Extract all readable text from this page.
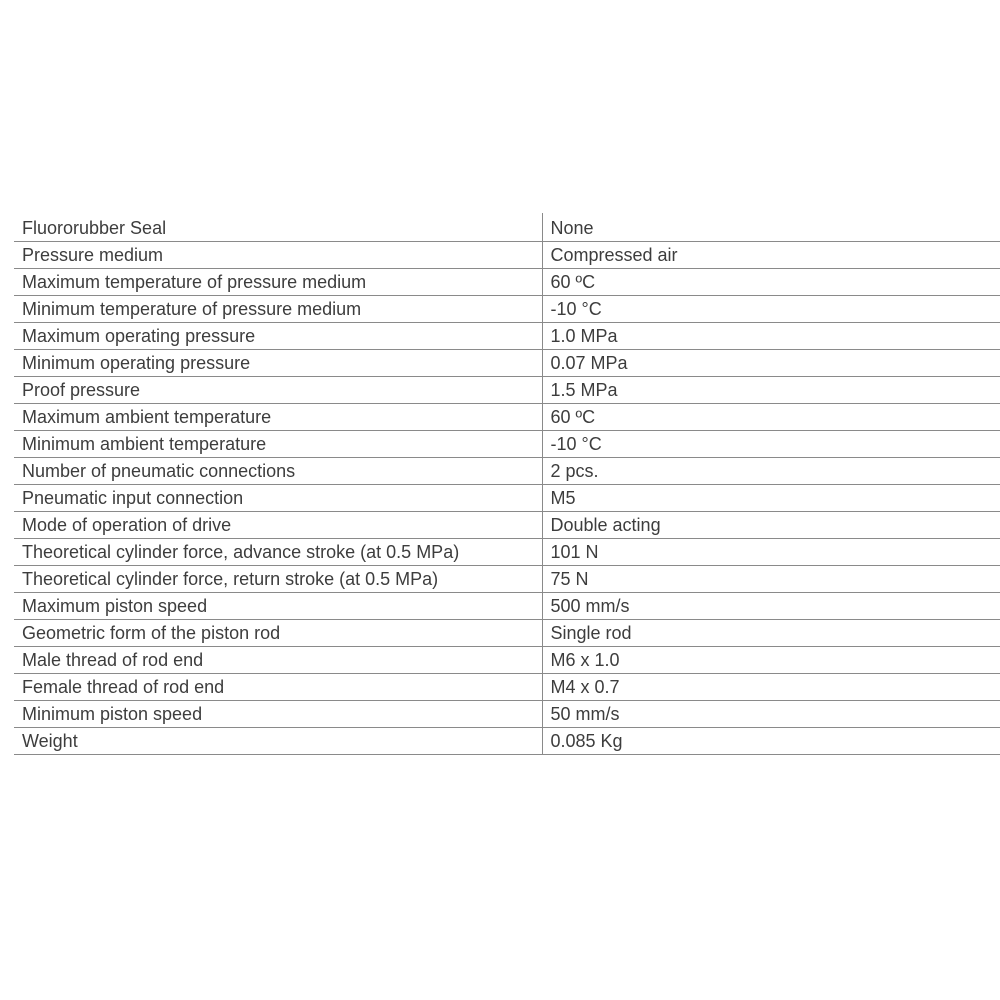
Fluororubber Seal	None
Pressure medium	Compressed air
Maximum temperature of pressure medium	60 ºC
Minimum temperature of pressure medium	-10 °C
Maximum operating pressure	1.0 MPa
Minimum operating pressure	0.07 MPa
Proof pressure	1.5 MPa
Maximum ambient temperature	60 ºC
Minimum ambient temperature	-10 °C
Number of pneumatic connections	2 pcs.
Pneumatic input connection	M5
Mode of operation of drive	Double acting
Theoretical cylinder force, advance stroke (at 0.5 MPa)	101 N
Theoretical cylinder force, return stroke (at 0.5 MPa)	75 N
Maximum piston speed	500 mm/s
Geometric form of the piston rod	Single rod
Male thread of rod end	M6 x 1.0
Female thread of rod end	M4 x 0.7
Minimum piston speed	50 mm/s
Weight	0.085 Kg
